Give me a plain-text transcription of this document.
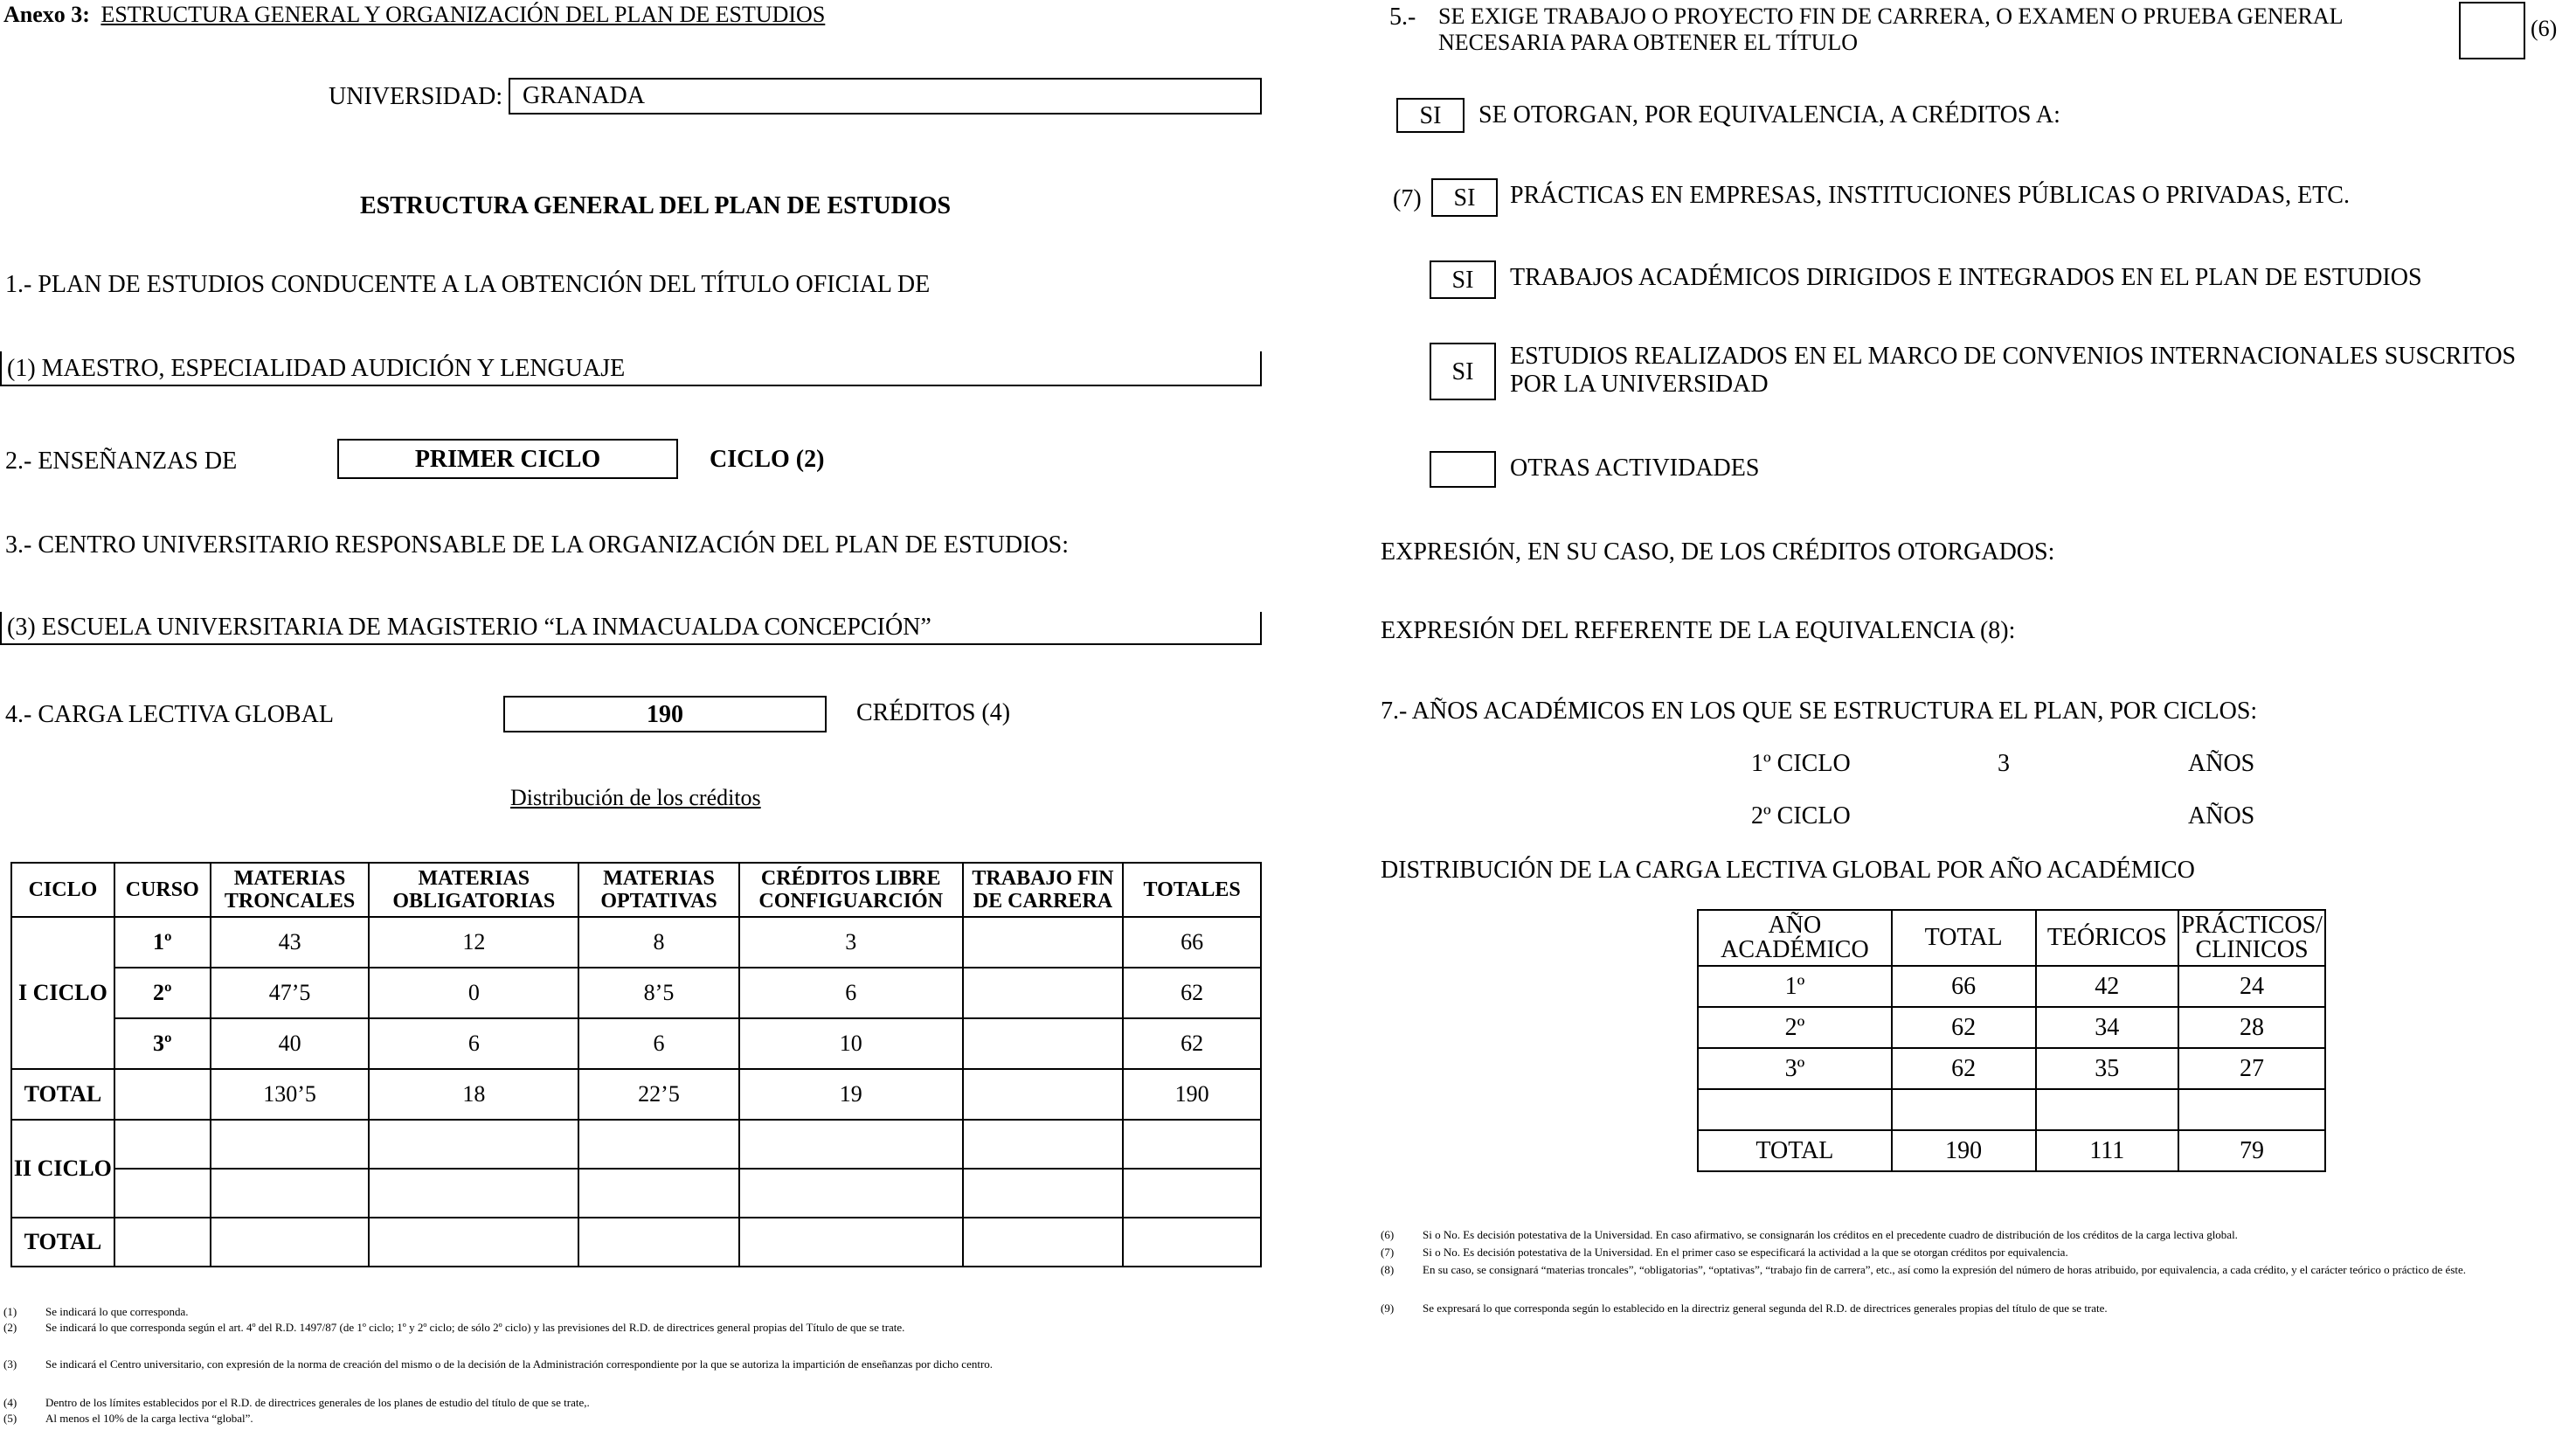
Anexo 3: ESTRUCTURA GENERAL Y ORGANIZACIÓN DEL PLAN DE ESTUDIOS
UNIVERSIDAD: GRANADA
ESTRUCTURA GENERAL DEL PLAN DE ESTUDIOS
1.- PLAN DE ESTUDIOS CONDUCENTE A LA OBTENCIÓN DEL TÍTULO OFICIAL DE
(1) MAESTRO, ESPECIALIDAD AUDICIÓN Y LENGUAJE
2.- ENSEÑANZAS DE	PRIMER CICLO	CICLO (2)
3.- CENTRO UNIVERSITARIO RESPONSABLE DE LA ORGANIZACIÓN DEL PLAN DE ESTUDIOS:
(3) ESCUELA UNIVERSITARIA DE MAGISTERIO “LA INMACUALDA CONCEPCIÓN”
4.- CARGA LECTIVA GLOBAL	190	CRÉDITOS (4)
Distribución de los créditos
CICLO	CURSO	MATERIAS TRONCALES	MATERIAS OBLIGATORIAS	MATERIAS OPTATIVAS	CRÉDITOS LIBRE CONFIGUARCIÓN	TRABAJO FIN DE CARRERA	TOTALES
I CICLO	1º	43	12	8	3		66
	2º	47’5	0	8’5	6		62
	3º	40	6	6	10		62
TOTAL		130’5	18	22’5	19		190
II CICLO							

TOTAL							
(1)	Se indicará lo que corresponda.
(2)	Se indicará lo que corresponda según el art. 4º del R.D. 1497/87 (de 1º ciclo; 1º y 2º ciclo; de sólo 2º ciclo) y las previsiones del R.D. de directrices general propias del Título de que se trate.
(3)	Se indicará el Centro universitario, con expresión de la norma de creación del mismo o de la decisión de la Administración correspondiente por la que se autoriza la impartición de enseñanzas por dicho centro.
(4)	Dentro de los límites establecidos por el R.D. de directrices generales de los planes de estudio del título de que se trate,.
(5)	Al menos el 10% de la carga lectiva “global”.
5.- SE EXIGE TRABAJO O PROYECTO FIN DE CARRERA, O EXAMEN O PRUEBA GENERAL NECESARIA PARA OBTENER EL TÍTULO
(6)
SI	SE OTORGAN, POR EQUIVALENCIA, A CRÉDITOS A:
(7)	SI	PRÁCTICAS EN EMPRESAS, INSTITUCIONES PÚBLICAS O PRIVADAS, ETC.
SI	TRABAJOS ACADÉMICOS DIRIGIDOS E INTEGRADOS EN EL PLAN DE ESTUDIOS
SI
ESTUDIOS REALIZADOS EN EL MARCO DE CONVENIOS INTERNACIONALES SUSCRITOS POR LA UNIVERSIDAD
OTRAS ACTIVIDADES
EXPRESIÓN, EN SU CASO, DE LOS CRÉDITOS OTORGADOS:
EXPRESIÓN DEL REFERENTE DE LA EQUIVALENCIA (8):
7.- AÑOS ACADÉMICOS EN LOS QUE SE ESTRUCTURA EL PLAN, POR CICLOS:
1º CICLO	3	AÑOS
2º CICLO	AÑOS
DISTRIBUCIÓN DE LA CARGA LECTIVA GLOBAL POR AÑO ACADÉMICO
AÑO ACADÉMICO	TOTAL	TEÓRICOS	PRÁCTICOS/ CLINICOS
1º	66	42	24
2º	62	34	28
3º	62	35	27

TOTAL	190	111	79
(6)	Si o No. Es decisión potestativa de la Universidad. En caso afirmativo, se consignarán los créditos en el precedente cuadro de distribución de los créditos de la carga lectiva global.
(7)	Si o No. Es decisión potestativa de la Universidad. En el primer caso se especificará la actividad a la que se otorgan créditos por equivalencia.
(8)	En su caso, se consignará “materias troncales”, “obligatorias”, “optativas”, “trabajo fin de carrera”, etc., así como la expresión del número de horas atribuido, por equivalencia, a cada crédito, y el carácter teórico o práctico de éste.
(9)	Se expresará lo que corresponda según lo establecido en la directriz general segunda del R.D. de directrices generales propias del título de que se trate.
